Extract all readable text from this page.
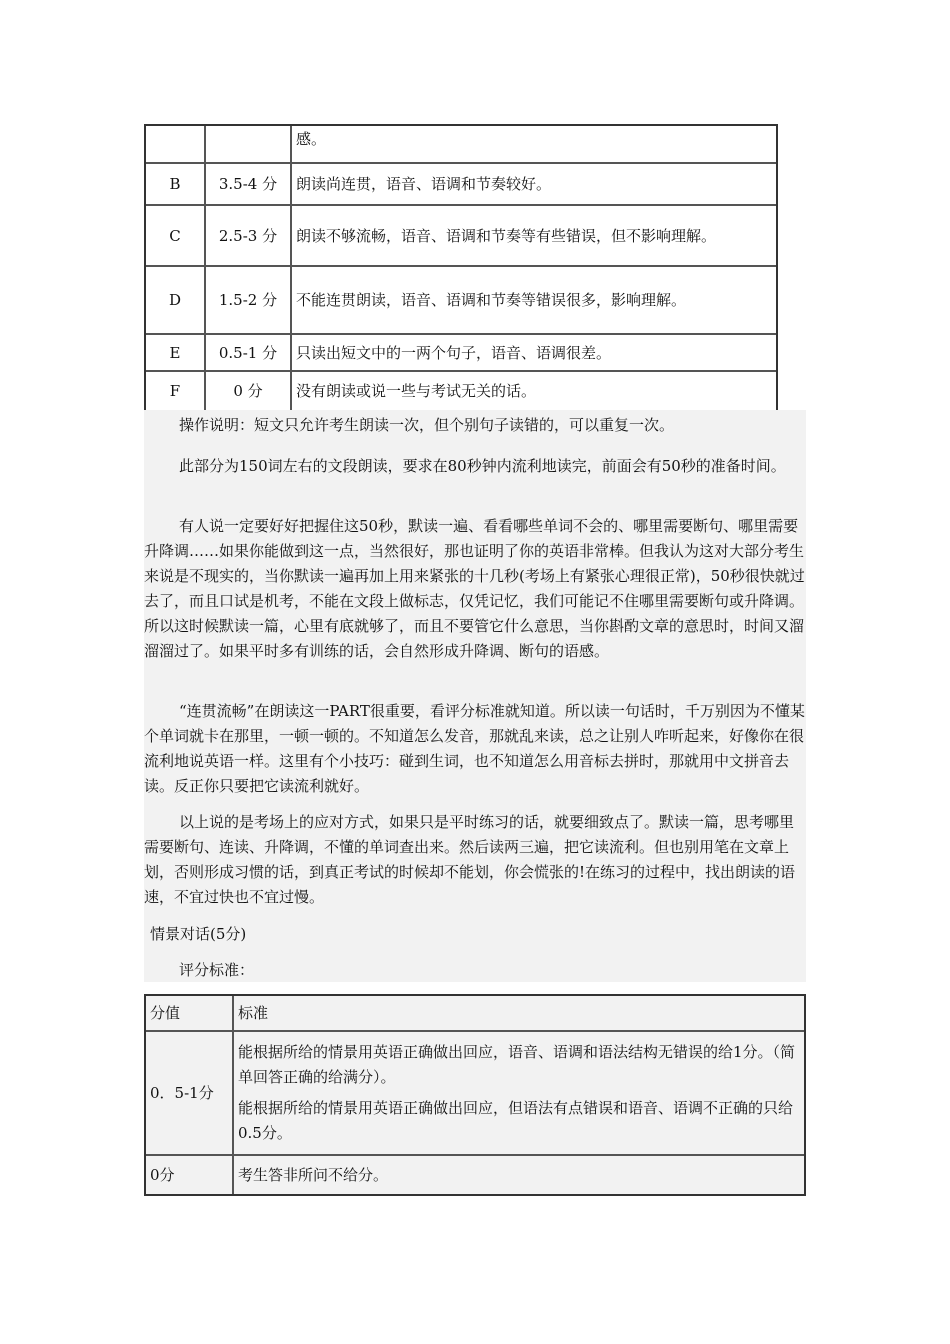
		感。
B	3.5-4 分	朗读尚连贯，语音、语调和节奏较好。
C	2.5-3 分	朗读不够流畅，语音、语调和节奏等有些错误，但不影响理解。
D	1.5-2 分	不能连贯朗读，语音、语调和节奏等错误很多，影响理解。
E	0.5-1 分	只读出短文中的一两个句子，语音、语调很差。
F	0 分	没有朗读或说一些与考试无关的话。

操作说明：短文只允许考生朗读一次，但个别句子读错的，可以重复一次。

此部分为150词左右的文段朗读，要求在80秒钟内流利地读完，前面会有50秒的准备时间。

有人说一定要好好把握住这50秒，默读一遍、看看哪些单词不会的、哪里需要断句、哪里需要升降调……如果你能做到这一点，当然很好，那也证明了你的英语非常棒。但我认为这对大部分考生来说是不现实的，当你默读一遍再加上用来紧张的十几秒(考场上有紧张心理很正常)，50秒很快就过去了，而且口试是机考，不能在文段上做标志，仅凭记忆，我们可能记不住哪里需要断句或升降调。所以这时候默读一篇，心里有底就够了，而且不要管它什么意思，当你斟酌文章的意思时，时间又溜溜溜过了。如果平时多有训练的话，会自然形成升降调、断句的语感。

“连贯流畅”在朗读这一PART很重要，看评分标准就知道。所以读一句话时，千万别因为不懂某个单词就卡在那里，一顿一顿的。不知道怎么发音，那就乱来读，总之让别人咋听起来，好像你在很流利地说英语一样。这里有个小技巧：碰到生词，也不知道怎么用音标去拼时，那就用中文拼音去读。反正你只要把它读流利就好。

以上说的是考场上的应对方式，如果只是平时练习的话，就要细致点了。默读一篇，思考哪里需要断句、连读、升降调，不懂的单词查出来。然后读两三遍，把它读流利。但也别用笔在文章上划，否则形成习惯的话，到真正考试的时候却不能划，你会慌张的!在练习的过程中，找出朗读的语速，不宜过快也不宜过慢。

情景对话(5分)

评分标准：

分值	标准
0．5-1分	能根据所给的情景用英语正确做出回应，语音、语调和语法结构无错误的给1分。（简单回答正确的给满分）。

能根据所给的情景用英语正确做出回应，但语法有点错误和语音、语调不正确的只给0.5分。

0分	考生答非所问不给分。
